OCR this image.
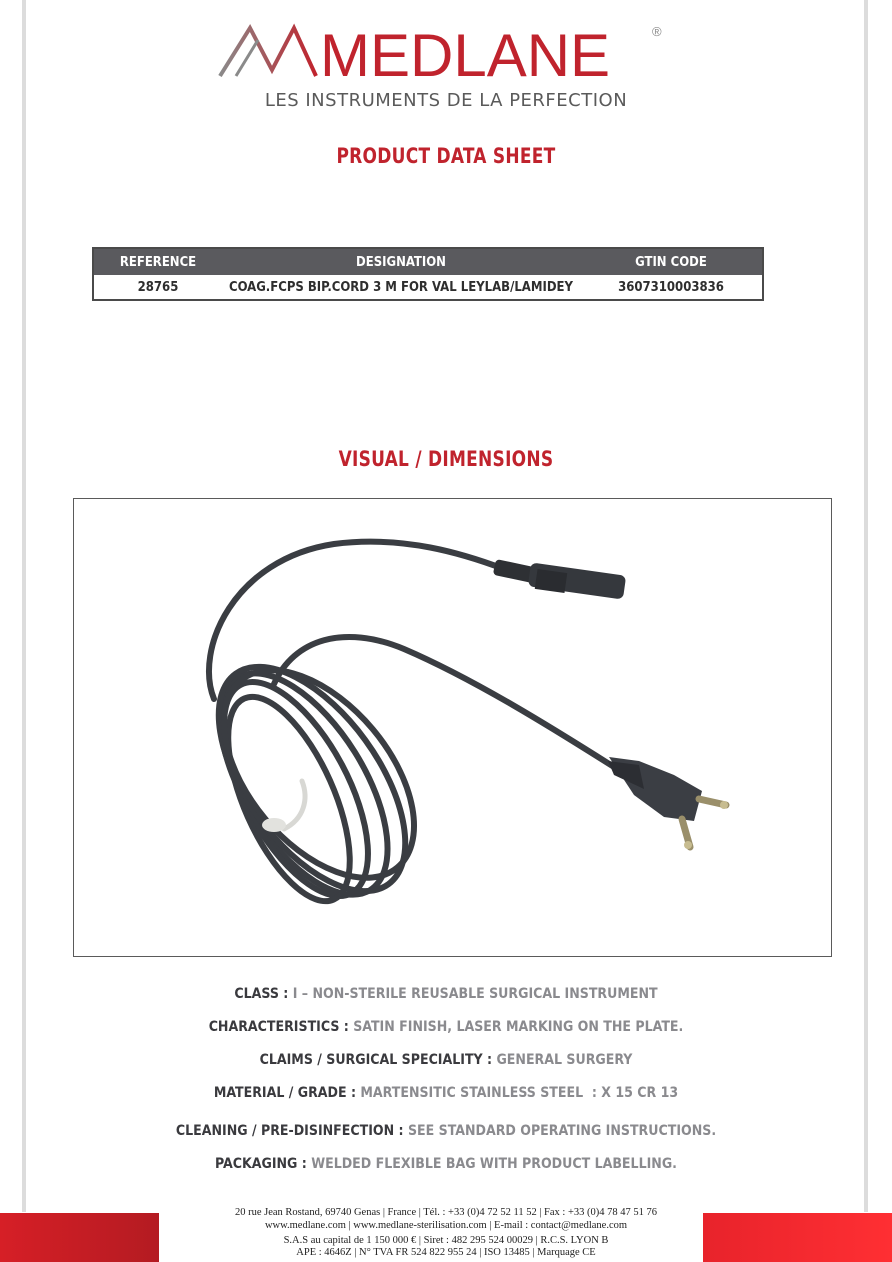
MEDLANE	®
LES INSTRUMENTS DE LA PERFECTION
PRODUCT DATA SHEET
REFERENCE	DESIGNATION	GTIN CODE
28765	COAG.FCPS BIP.CORD 3 M FOR VAL LEYLAB/LAMIDEY	3607310003836
VISUAL / DIMENSIONS
CLASS : I – NON-STERILE REUSABLE SURGICAL INSTRUMENT
CHARACTERISTICS : SATIN FINISH, LASER MARKING ON THE PLATE.
CLAIMS / SURGICAL SPECIALITY : GENERAL SURGERY
MATERIAL / GRADE : MARTENSITIC STAINLESS STEEL  : X 15 CR 13
CLEANING / PRE-DISINFECTION : SEE STANDARD OPERATING INSTRUCTIONS.
PACKAGING : WELDED FLEXIBLE BAG WITH PRODUCT LABELLING.
20 rue Jean Rostand, 69740 Genas | France | Tél. : +33 (0)4 72 52 11 52 | Fax : +33 (0)4 78 47 51 76
www.medlane.com | www.medlane-sterilisation.com | E-mail : contact@medlane.com
S.A.S au capital de 1 150 000 € | Siret : 482 295 524 00029 | R.C.S. LYON B
APE : 4646Z | N° TVA FR 524 822 955 24 | ISO 13485 | Marquage CE
